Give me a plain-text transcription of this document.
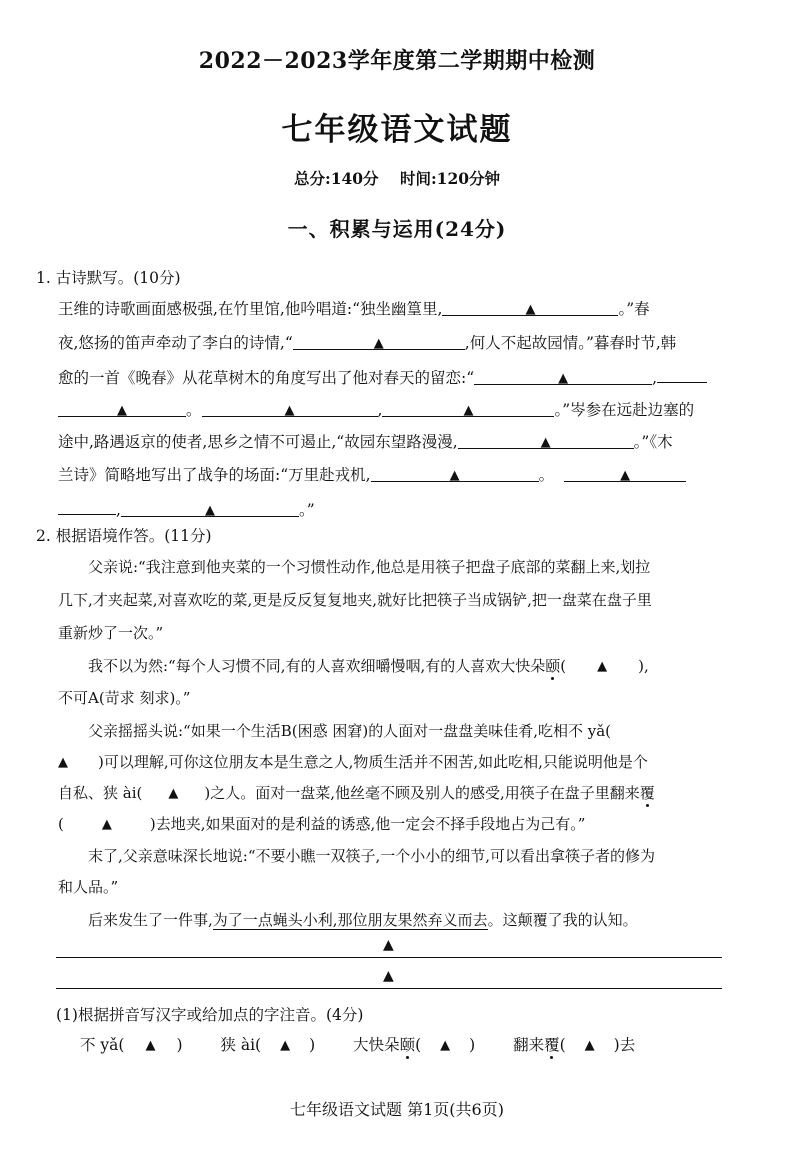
2022－2023学年度第二学期期中检测
七年级语文试题
总分:140分 时间:120分钟
一、积累与运用(24分)
1. 古诗默写。(10分)
王维的诗歌画面感极强,在竹里馆,他吟唱道:“独坐幽篁里,	▲	。”春
夜,悠扬的笛声牵动了李白的诗情,“	▲	,何人不起故园情。”暮春时节,韩
愈的一首《晚春》从花草树木的角度写出了他对春天的留恋:“	▲	,
▲	。	▲	,	▲	。”岑参在远赴边塞的
途中,路遇返京的使者,思乡之情不可遏止,“故园东望路漫漫,	▲	。”《木
兰诗》简略地写出了战争的场面:“万里赴戎机,	▲	。	▲
,	▲	。”
2. 根据语境作答。(11分)
父亲说:“我注意到他夹菜的一个习惯性动作,他总是用筷子把盘子底部的菜翻上来,划拉
几下,才夹起菜,对喜欢吃的菜,更是反反复复地夹,就好比把筷子当成锅铲,把一盘菜在盘子里
重新炒了一次。”
我不以为然:“每个人习惯不同,有的人喜欢细嚼慢咽,有的人喜欢大快朵颐( ▲ ),
不可A(苛求 刻求)。”
父亲摇摇头说:“如果一个生活B(困惑 困窘)的人面对一盘盘美味佳肴,吃相不 yǎ(
▲ )可以理解,可你这位朋友本是生意之人,物质生活并不困苦,如此吃相,只能说明他是个
自私、狭 ài( ▲ )之人。面对一盘菜,他丝毫不顾及别人的感受,用筷子在盘子里翻来覆
(	▲	)去地夹,如果面对的是利益的诱惑,他一定会不择手段地占为己有。”
末了,父亲意味深长地说:“不要小瞧一双筷子,一个小小的细节,可以看出拿筷子者的修为
和人品。”
后来发生了一件事,为了一点蝇头小利,那位朋友果然弃义而去。这颠覆了我的认知。
▲
▲
(1)根据拼音写汉字或给加点的字注音。(4分)
不 yǎ( ▲ ) 狭 ài( ▲ ) 大快朵颐( ▲ ) 翻来覆( ▲ )去
七年级语文试题 第1页(共6页)
